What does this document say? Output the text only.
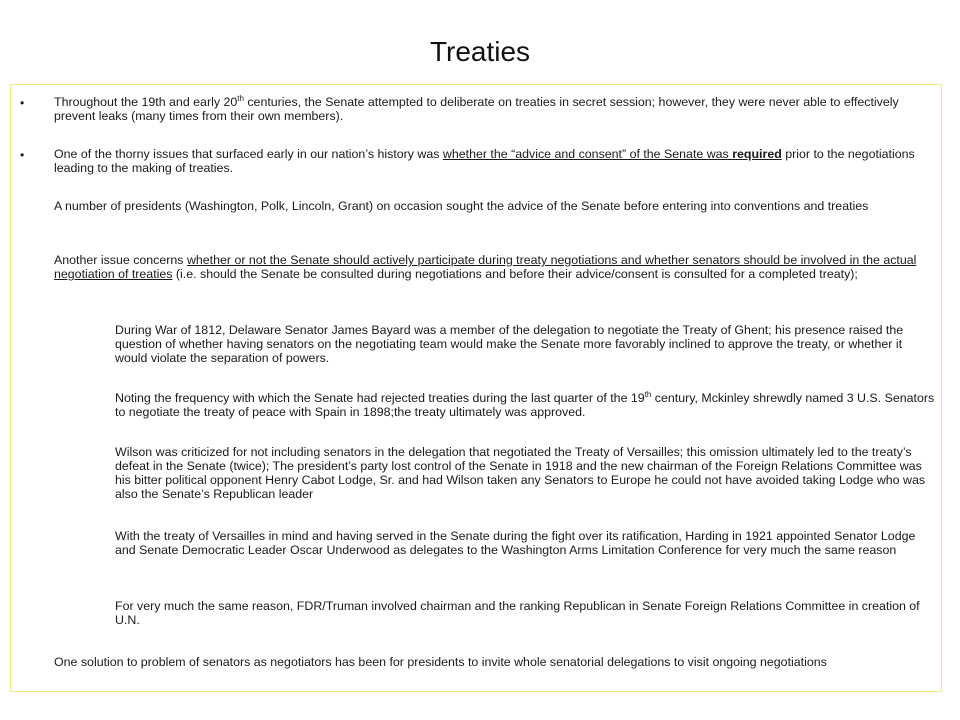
Treaties
• Throughout the 19th and early 20th centuries, the Senate attempted to deliberate on treaties in secret session; however, they were never able to effectively prevent leaks (many times from their own members).

• One of the thorny issues that surfaced early in our nation’s history was whether the “advice and consent” of the Senate was required prior to the negotiations leading to the making of treaties.

A number of presidents (Washington, Polk, Lincoln, Grant) on occasion sought the advice of the Senate before entering into conventions and treaties

Another issue concerns whether or not the Senate should actively participate during treaty negotiations and whether senators should be involved in the actual negotiation of treaties (i.e. should the Senate be consulted during negotiations and before their advice/consent is consulted for a completed treaty);

During War of 1812, Delaware Senator James Bayard was a member of the delegation to negotiate the Treaty of Ghent; his presence raised the question of whether having senators on the negotiating team would make the Senate more favorably inclined to approve the treaty, or whether it would violate the separation of powers.

Noting the frequency with which the Senate had rejected treaties during the last quarter of the 19th century, Mckinley shrewdly named 3 U.S. Senators to negotiate the treaty of peace with Spain in 1898;the treaty ultimately was approved.

Wilson was criticized for not including senators in the delegation that negotiated the Treaty of Versailles; this omission ultimately led to the treaty’s defeat in the Senate (twice); The president’s party lost control of the Senate in 1918 and the new chairman of the Foreign Relations Committee was his bitter political opponent Henry Cabot Lodge, Sr. and had Wilson taken any Senators to Europe he could not have avoided taking Lodge who was also the Senate’s Republican leader

With the treaty of Versailles in mind and having served in the Senate during the fight over its ratification, Harding in 1921 appointed Senator Lodge and Senate Democratic Leader Oscar Underwood as delegates to the Washington Arms Limitation Conference for very much the same reason

For very much the same reason, FDR/Truman involved chairman and the ranking Republican in Senate Foreign Relations Committee in creation of U.N.

One solution to problem of senators as negotiators has been for presidents to invite whole senatorial delegations to visit ongoing negotiations
